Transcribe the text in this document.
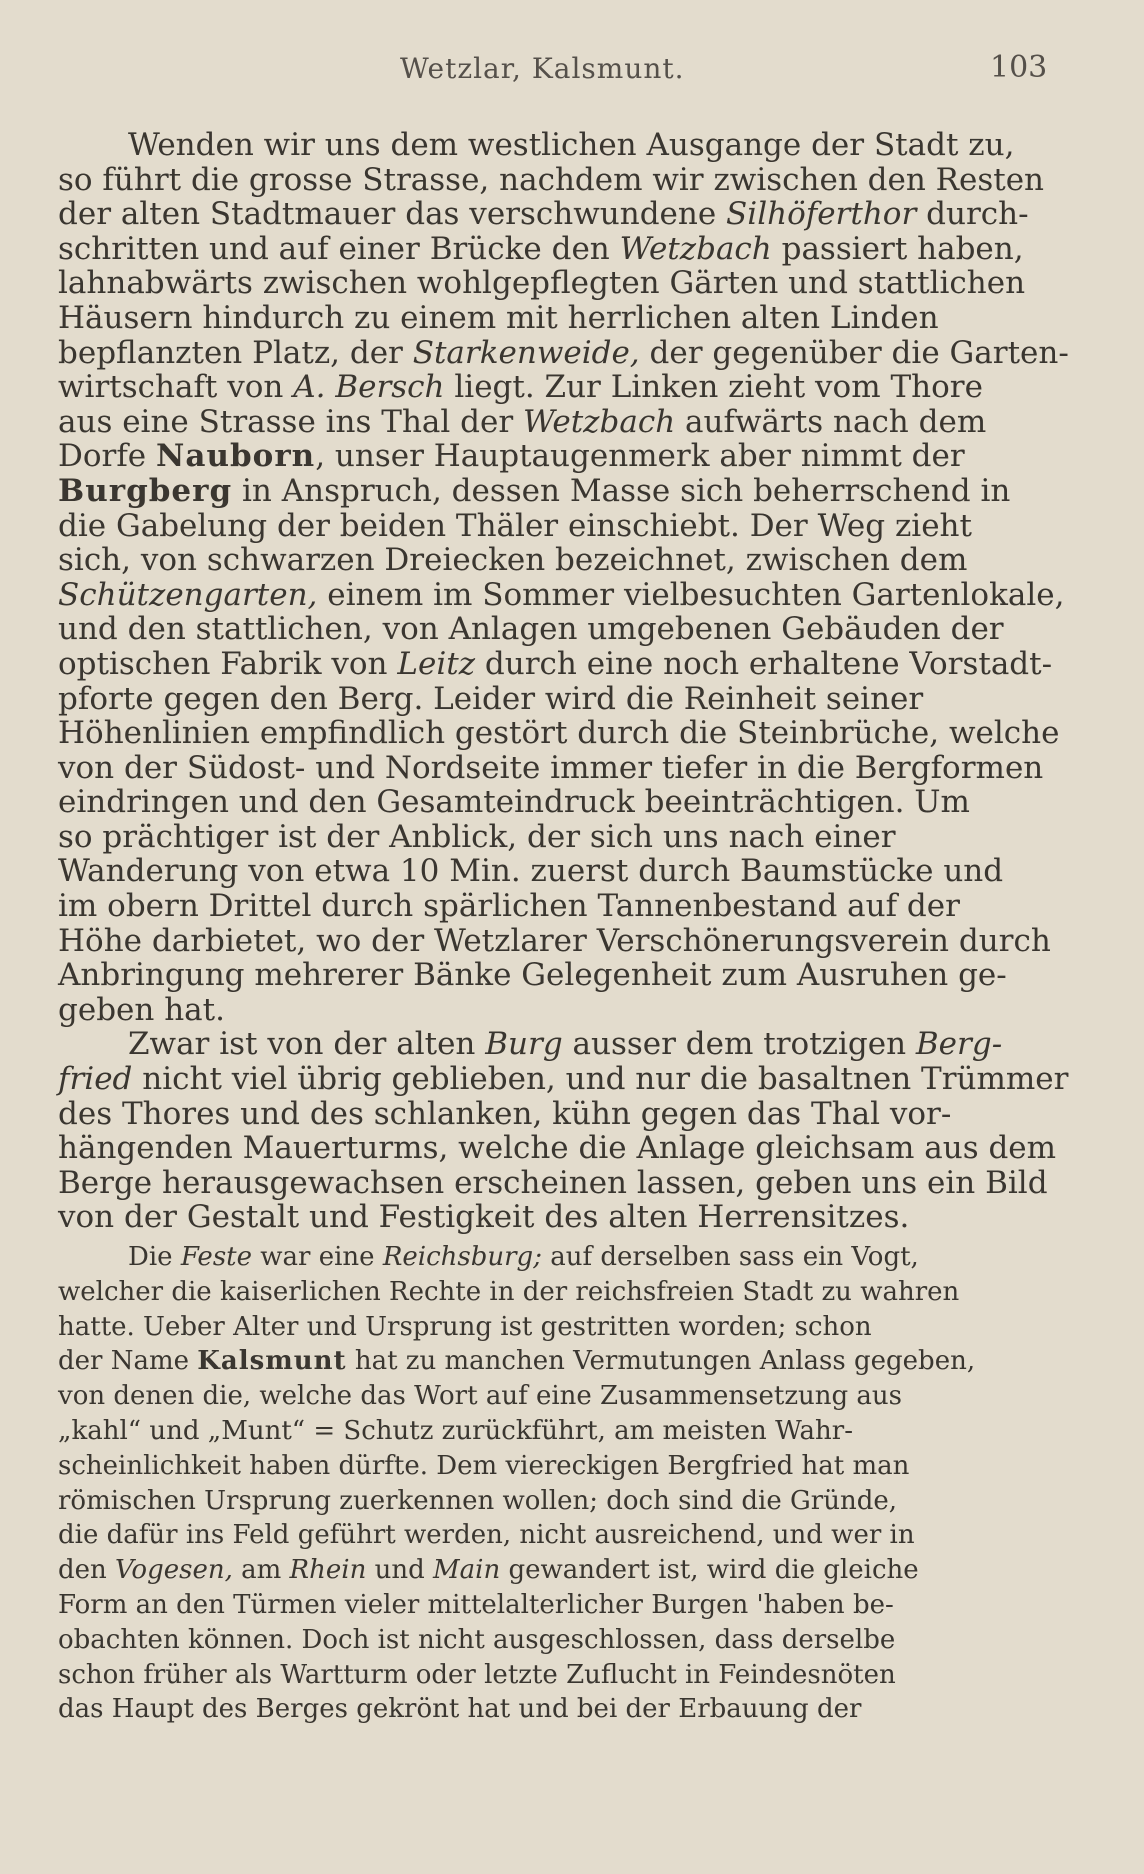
Wetzlar, Kalsmunt.	103
Wenden wir uns dem westlichen Ausgange der Stadt zu,
so führt die grosse Strasse, nachdem wir zwischen den Resten
der alten Stadtmauer das verschwundene Silhöferthor durch-
schritten und auf einer Brücke den Wetzbach passiert haben,
lahnabwärts zwischen wohlgepflegten Gärten und stattlichen
Häusern hindurch zu einem mit herrlichen alten Linden
bepflanzten Platz, der Starkenweide, der gegenüber die Garten-
wirtschaft von A. Bersch liegt. Zur Linken zieht vom Thore
aus eine Strasse ins Thal der Wetzbach aufwärts nach dem
Dorfe Nauborn, unser Hauptaugenmerk aber nimmt der
Burgberg in Anspruch, dessen Masse sich beherrschend in
die Gabelung der beiden Thäler einschiebt. Der Weg zieht
sich, von schwarzen Dreiecken bezeichnet, zwischen dem
Schützengarten, einem im Sommer vielbesuchten Gartenlokale,
und den stattlichen, von Anlagen umgebenen Gebäuden der
optischen Fabrik von Leitz durch eine noch erhaltene Vorstadt-
pforte gegen den Berg. Leider wird die Reinheit seiner
Höhenlinien empfindlich gestört durch die Steinbrüche, welche
von der Südost- und Nordseite immer tiefer in die Bergformen
eindringen und den Gesamteindruck beeinträchtigen. Um
so prächtiger ist der Anblick, der sich uns nach einer
Wanderung von etwa 10 Min. zuerst durch Baumstücke und
im obern Drittel durch spärlichen Tannenbestand auf der
Höhe darbietet, wo der Wetzlarer Verschönerungsverein durch
Anbringung mehrerer Bänke Gelegenheit zum Ausruhen ge-
geben hat.
Zwar ist von der alten Burg ausser dem trotzigen Berg-
fried nicht viel übrig geblieben, und nur die basaltnen Trümmer
des Thores und des schlanken, kühn gegen das Thal vor-
hängenden Mauerturms, welche die Anlage gleichsam aus dem
Berge herausgewachsen erscheinen lassen, geben uns ein Bild
von der Gestalt und Festigkeit des alten Herrensitzes.
Die Feste war eine Reichsburg; auf derselben sass ein Vogt,
welcher die kaiserlichen Rechte in der reichsfreien Stadt zu wahren
hatte. Ueber Alter und Ursprung ist gestritten worden; schon
der Name Kalsmunt hat zu manchen Vermutungen Anlass gegeben,
von denen die, welche das Wort auf eine Zusammensetzung aus
„kahl“ und „Munt“ = Schutz zurückführt, am meisten Wahr-
scheinlichkeit haben dürfte. Dem viereckigen Bergfried hat man
römischen Ursprung zuerkennen wollen; doch sind die Gründe,
die dafür ins Feld geführt werden, nicht ausreichend, und wer in
den Vogesen, am Rhein und Main gewandert ist, wird die gleiche
Form an den Türmen vieler mittelalterlicher Burgen 'haben be-
obachten können. Doch ist nicht ausgeschlossen, dass derselbe
schon früher als Wartturm oder letzte Zuflucht in Feindesnöten
das Haupt des Berges gekrönt hat und bei der Erbauung der
